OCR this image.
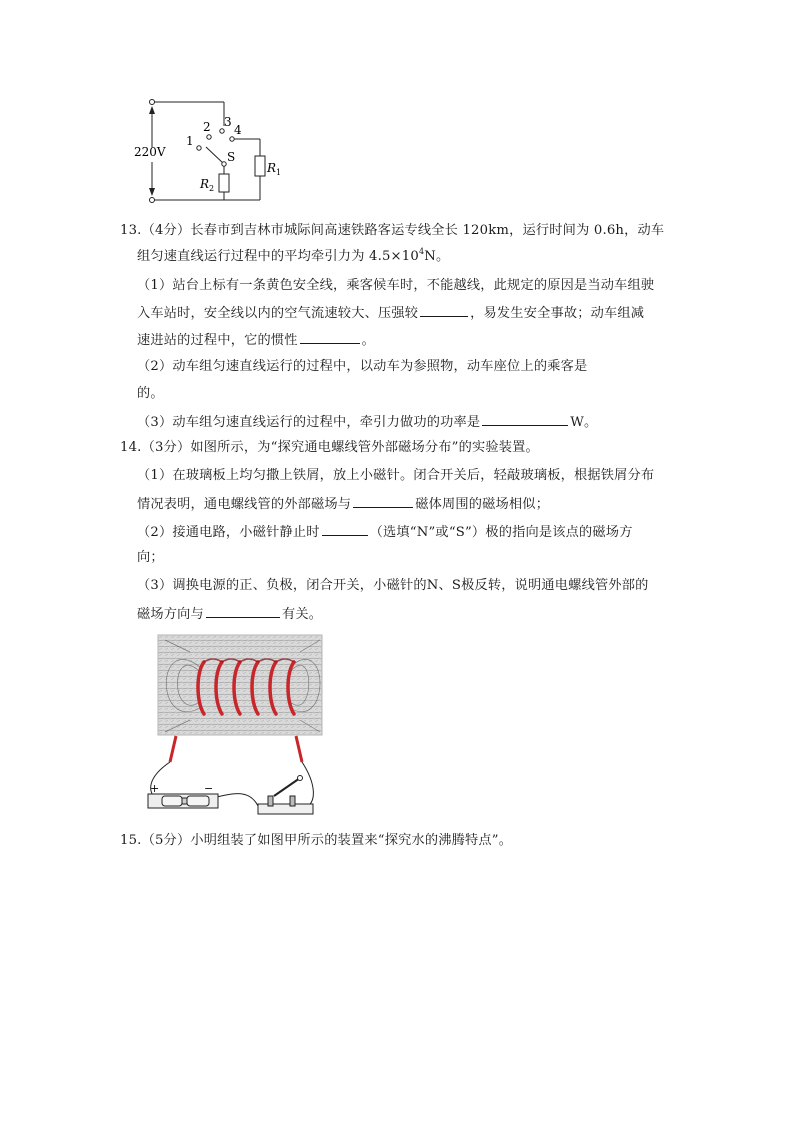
220V
1
2 3
4
S
R 2
R 1
13.（4分）长春市到吉林市城际间高速铁路客运专线全长 120km，运行时间为 0.6h，动车
组匀速直线运行过程中的平均牵引力为 $4.5\times 10^4N$。
（1）站台上标有一条黄色安全线，乘客候车时，不能越线，此规定的原因是当动车组驶
入车站时，安全线以内的空气流速较大、压强较	，易发生安全事故；动车组减
速进站的过程中，它的惯性	。
（2）动车组匀速直线运行的过程中，以动车为参照物，动车座位上的乘客是
的。
（3）动车组匀速直线运行的过程中，牵引力做功的功率是	W。
14.（3分）如图所示，为“探究通电螺线管外部磁场分布”的实验装置。
（1）在玻璃板上均匀撒上铁屑，放上小磁针。闭合开关后，轻敲玻璃板，根据铁屑分布
情况表明，通电螺线管的外部磁场与	磁体周围的磁场相似；
（2）接通电路，小磁针静止时	（选填“N”或“S”）极的指向是该点的磁场方
向；
（3）调换电源的正、负极，闭合开关，小磁针的N、S极反转，说明通电螺线管外部的
磁场方向与	有关。
+	−
15.（5分）小明组装了如图甲所示的装置来“探究水的沸腾特点”。
